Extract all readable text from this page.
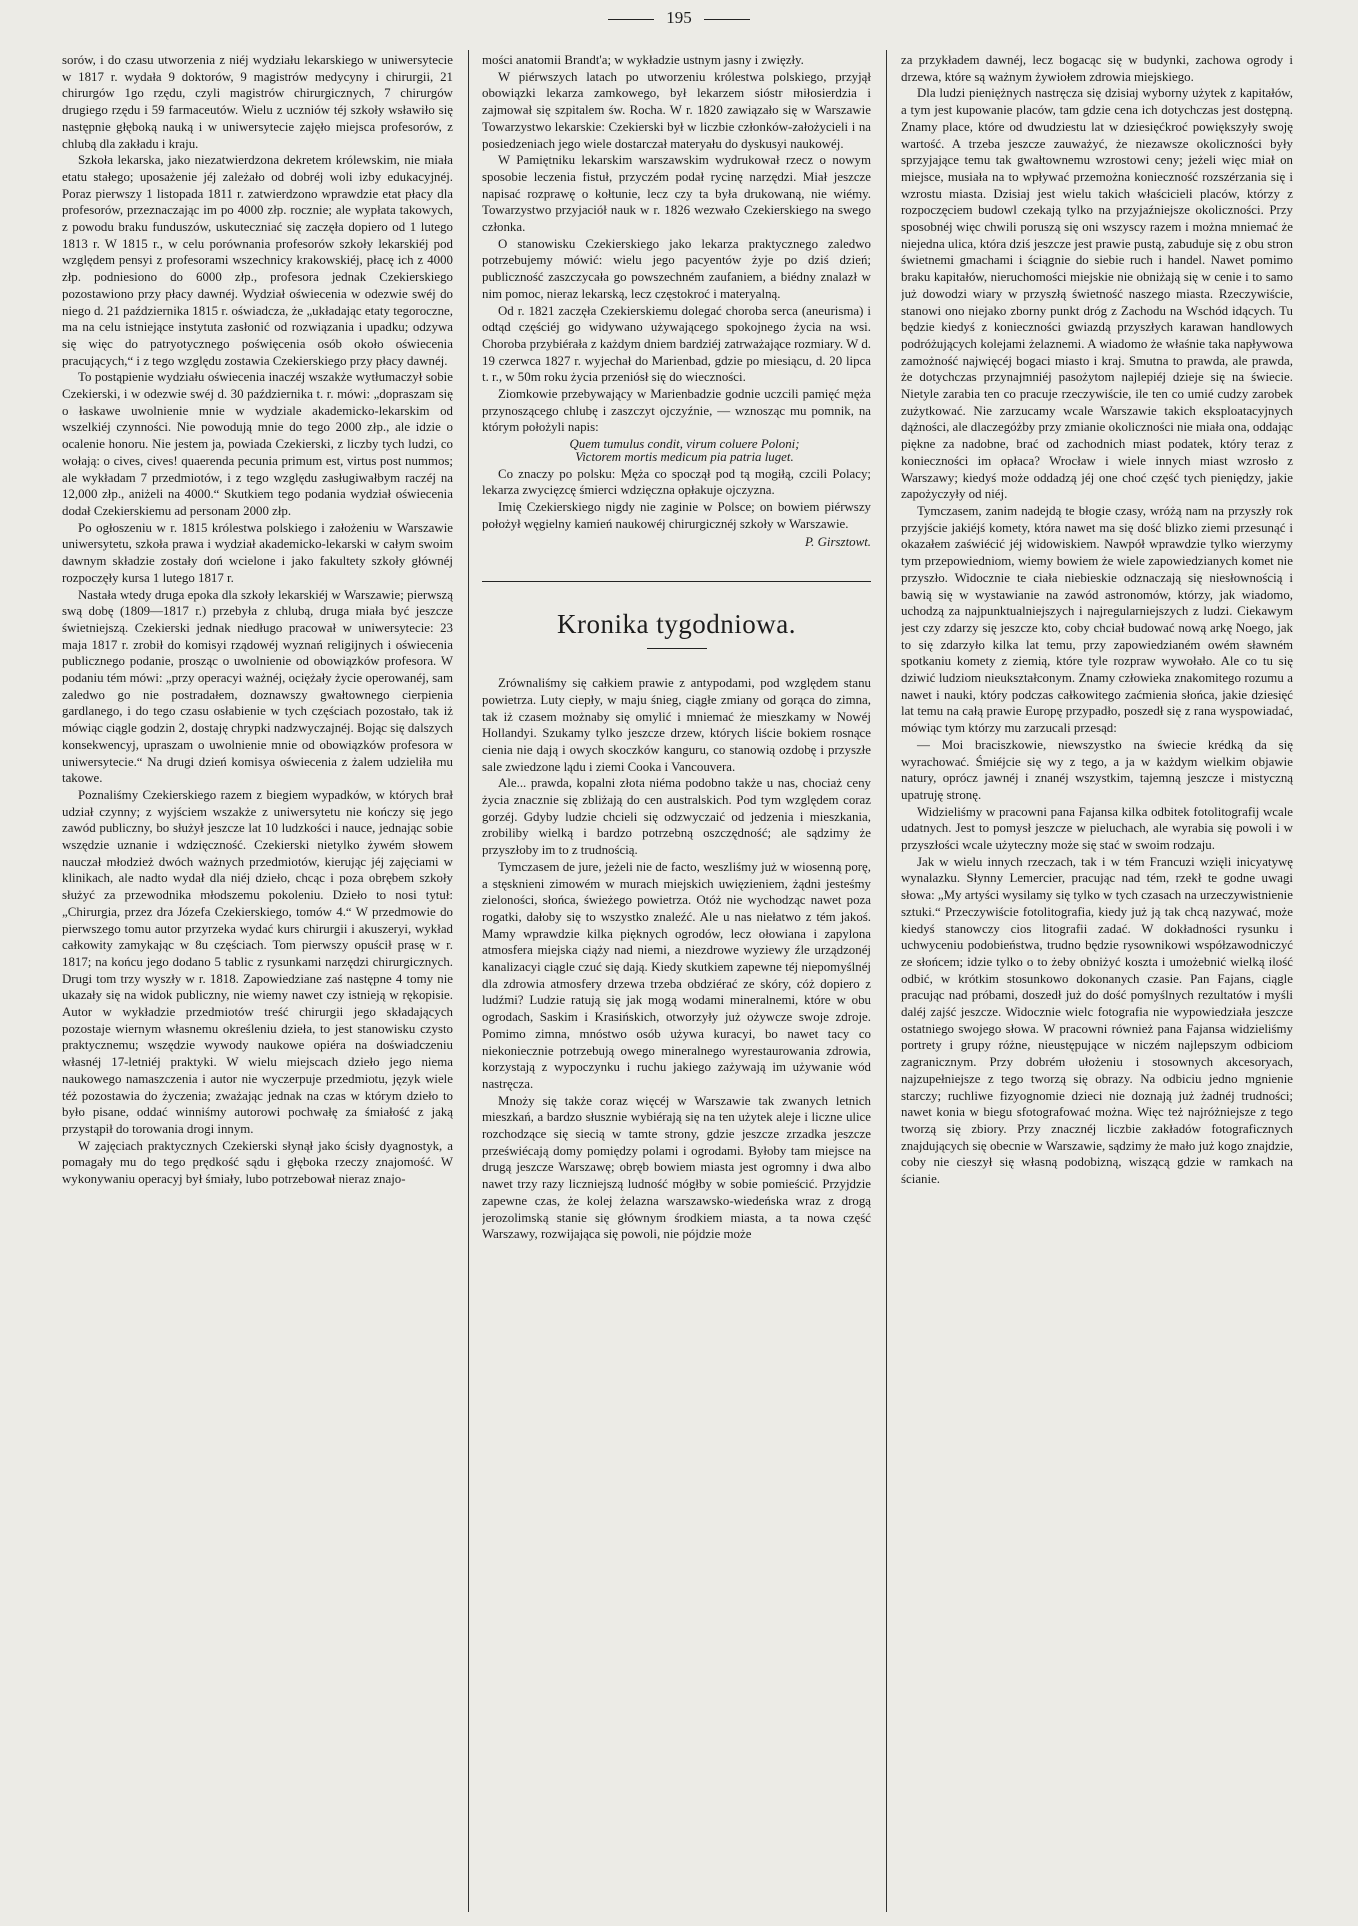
195

sorów, i do czasu utworzenia z niéj wydziału lekarskiego w uniwersytecie w 1817 r. wydała 9 doktorów, 9 magistrów medycyny i chirurgii, 21 chirurgów 1go rzędu, czyli magistrów chirurgicznych, 7 chirurgów drugiego rzędu i 59 farmaceutów. Wielu z uczniów téj szkoły wsławiło się następnie głęboką nauką i w uniwersytecie zajęło miejsca profesorów, z chlubą dla zakładu i kraju.

Szkoła lekarska, jako niezatwierdzona dekretem królewskim, nie miała etatu stałego; uposażenie jéj zależało od dobréj woli izby edukacyjnéj. Poraz pierwszy 1 listopada 1811 r. zatwierdzono wprawdzie etat płacy dla profesorów, przeznaczając im po 4000 złp. rocznie; ale wypłata takowych, z powodu braku funduszów, uskuteczniać się zaczęła dopiero od 1 lutego 1813 r. W 1815 r., w celu porównania profesorów szkoły lekarskiéj pod względem pensyi z profesorami wszechnicy krakowskiéj, płacę ich z 4000 złp. podniesiono do 6000 złp., profesora jednak Czekierskiego pozostawiono przy płacy dawnéj. Wydział oświecenia w odezwie swéj do niego d. 21 października 1815 r. oświadcza, że „układając etaty tegoroczne, ma na celu istniejące instytuta zasłonić od rozwiązania i upadku; odzywa się więc do patryotycznego poświęcenia osób około oświecenia pracujących,“ i z tego względu zostawia Czekierskiego przy płacy dawnéj.

To postąpienie wydziału oświecenia inaczéj wszakże wytłumaczył sobie Czekierski, i w odezwie swéj d. 30 października t. r. mówi: „dopraszam się o łaskawe uwolnienie mnie w wydziale akademicko-lekarskim od wszelkiéj czynności. Nie powodują mnie do tego 2000 złp., ale idzie o ocalenie honoru. Nie jestem ja, powiada Czekierski, z liczby tych ludzi, co wołają: o cives, cives! quaerenda pecunia primum est, virtus post nummos; ale wykładam 7 przedmiotów, i z tego względu zasługiwałbym raczéj na 12,000 złp., aniżeli na 4000.“ Skutkiem tego podania wydział oświecenia dodał Czekierskiemu ad personam 2000 złp.

Po ogłoszeniu w r. 1815 królestwa polskiego i założeniu w Warszawie uniwersytetu, szkoła prawa i wydział akademicko-lekarski w całym swoim dawnym składzie zostały doń wcielone i jako fakultety szkoły głównéj rozpoczęły kursa 1 lutego 1817 r.

Nastała wtedy druga epoka dla szkoły lekarskiéj w Warszawie; pierwszą swą dobę (1809—1817 r.) przebyła z chlubą, druga miała być jeszcze świetniejszą. Czekierski jednak niedługo pracował w uniwersytecie: 23 maja 1817 r. zrobił do komisyi rządowéj wyznań religijnych i oświecenia publicznego podanie, prosząc o uwolnienie od obowiązków profesora. W podaniu tém mówi: „przy operacyi ważnéj, ociężały życie operowanéj, sam zaledwo go nie postradałem, doznawszy gwałtownego cierpienia gardlanego, i do tego czasu osłabienie w tych częściach pozostało, tak iż mówiąc ciągle godzin 2, dostaję chrypki nadzwyczajnéj. Bojąc się dalszych konsekwencyj, upraszam o uwolnienie mnie od obowiązków profesora w uniwersytecie.“ Na drugi dzień komisya oświecenia z żalem udzieliła mu takowe.

Poznaliśmy Czekierskiego razem z biegiem wypadków, w których brał udział czynny; z wyjściem wszakże z uniwersytetu nie kończy się jego zawód publiczny, bo służył jeszcze lat 10 ludzkości i nauce, jednając sobie wszędzie uznanie i wdzięczność. Czekierski nietylko żywém słowem nauczał młodzież dwóch ważnych przedmiotów, kierując jéj zajęciami w klinikach, ale nadto wydał dla niéj dzieło, chcąc i poza obrębem szkoły służyć za przewodnika młodszemu pokoleniu. Dzieło to nosi tytuł: „Chirurgia, przez dra Józefa Czekierskiego, tomów 4.“ W przedmowie do pierwszego tomu autor przyrzeka wydać kurs chirurgii i akuszeryi, wykład całkowity zamykając w 8u częściach. Tom pierwszy opuścił prasę w r. 1817; na końcu jego dodano 5 tablic z rysunkami narzędzi chirurgicznych. Drugi tom trzy wyszły w r. 1818. Zapowiedziane zaś następne 4 tomy nie ukazały się na widok publiczny, nie wiemy nawet czy istnieją w rękopisie. Autor w wykładzie przedmiotów treść chirurgii jego składających pozostaje wiernym własnemu określeniu dzieła, to jest stanowisku czysto praktycznemu; wszędzie wywody naukowe opiéra na doświadczeniu własnéj 17-letniéj praktyki. W wielu miejscach dzieło jego niema naukowego namaszczenia i autor nie wyczerpuje przedmiotu, język wiele téż pozostawia do życzenia; zważając jednak na czas w którym dzieło to było pisane, oddać winniśmy autorowi pochwałę za śmiałość z jaką przystąpił do torowania drogi innym.

W zajęciach praktycznych Czekierski słynął jako ścisły dyagnostyk, a pomagały mu do tego prędkość sądu i głęboka rzeczy znajomość. W wykonywaniu operacyj był śmiały, lubo potrzebował nieraz znajo-

mości anatomii Brandt'a; w wykładzie ustnym jasny i zwięzły.

W piérwszych latach po utworzeniu królestwa polskiego, przyjął obowiązki lekarza zamkowego, był lekarzem sióstr miłosierdzia i zajmował się szpitalem św. Rocha. W r. 1820 zawiązało się w Warszawie Towarzystwo lekarskie: Czekierski był w liczbie członków-założycieli i na posiedzeniach jego wiele dostarczał materyału do dyskusyi naukowéj.

W Pamiętniku lekarskim warszawskim wydrukował rzecz o nowym sposobie leczenia fistuł, przyczém podał rycinę narzędzi. Miał jeszcze napisać rozprawę o kołtunie, lecz czy ta była drukowaną, nie wiémy. Towarzystwo przyjaciół nauk w r. 1826 wezwało Czekierskiego na swego członka.

O stanowisku Czekierskiego jako lekarza praktycznego zaledwo potrzebujemy mówić: wielu jego pacyentów żyje po dziś dzień; publiczność zaszczycała go powszechném zaufaniem, a biédny znalazł w nim pomoc, nieraz lekarską, lecz częstokroć i materyalną.

Od r. 1821 zaczęła Czekierskiemu dolegać choroba serca (aneurisma) i odtąd częściéj go widywano używającego spokojnego życia na wsi. Choroba przybiérała z każdym dniem bardziéj zatrważające rozmiary. W d. 19 czerwca 1827 r. wyjechał do Marienbad, gdzie po miesiącu, d. 20 lipca t. r., w 50m roku życia przeniósł się do wieczności.

Ziomkowie przebywający w Marienbadzie godnie uczcili pamięć męża przynoszącego chlubę i zaszczyt ojczyźnie, — wznosząc mu pomnik, na którym położyli napis:

Quem tumulus condit, virum coluere Poloni;

Victorem mortis medicum pia patria luget.

Co znaczy po polsku: Męża co spoczął pod tą mogiłą, czcili Polacy; lekarza zwycięzcę śmierci wdzięczna opłakuje ojczyzna.

Imię Czekierskiego nigdy nie zaginie w Polsce; on bowiem piérwszy położył węgielny kamień naukowéj chirurgicznéj szkoły w Warszawie.

P. Girsztowt.
Kronika tygodniowa.

Zrównaliśmy się całkiem prawie z antypodami, pod względem stanu powietrza. Luty ciepły, w maju śnieg, ciągłe zmiany od gorąca do zimna, tak iż czasem możnaby się omylić i mniemać że mieszkamy w Nowéj Hollandyi. Szukamy tylko jeszcze drzew, których liście bokiem rosnące cienia nie dają i owych skoczków kanguru, co stanowią ozdobę i przyszłe sale zwiedzone lądu i ziemi Cooka i Vancouvera.

Ale... prawda, kopalni złota niéma podobno także u nas, chociaż ceny życia znacznie się zbliżają do cen australskich. Pod tym względem coraz gorzéj. Gdyby ludzie chcieli się odzwyczaić od jedzenia i mieszkania, zrobiliby wielką i bardzo potrzebną oszczędność; ale sądzimy że przyszłoby im to z trudnością.

Tymczasem de jure, jeżeli nie de facto, weszliśmy już w wiosenną porę, a stęsknieni zimowém w murach miejskich uwięzieniem, żądni jesteśmy zieloności, słońca, świeżego powietrza. Otóż nie wychodząc nawet poza rogatki, dałoby się to wszystko znaleźć. Ale u nas niełatwo z tém jakoś. Mamy wprawdzie kilka pięknych ogrodów, lecz ołowiana i zapylona atmosfera miejska ciąży nad niemi, a niezdrowe wyziewy źle urządzonéj kanalizacyi ciągle czuć się dają. Kiedy skutkiem zapewne téj niepomyślnéj dla zdrowia atmosfery drzewa trzeba obdziérać ze skóry, cóż dopiero z ludźmi? Ludzie ratują się jak mogą wodami mineralnemi, które w obu ogrodach, Saskim i Krasińskich, otworzyły już ożywcze swoje zdroje. Pomimo zimna, mnóstwo osób używa kuracyi, bo nawet tacy co niekoniecznie potrzebują owego mineralnego wyrestaurowania zdrowia, korzystają z wypoczynku i ruchu jakiego zażywają im używanie wód nastręcza.

Mnoży się także coraz więcéj w Warszawie tak zwanych letnich mieszkań, a bardzo słusznie wybiérają się na ten użytek aleje i liczne ulice rozchodzące się siecią w tamte strony, gdzie jeszcze zrzadka jeszcze przeświécają domy pomiędzy polami i ogrodami. Byłoby tam miejsce na drugą jeszcze Warszawę; obręb bowiem miasta jest ogromny i dwa albo nawet trzy razy liczniejszą ludność mógłby w sobie pomieścić. Przyjdzie zapewne czas, że kolej żelazna warszawsko-wiedeńska wraz z drogą jerozolimską stanie się głównym środkiem miasta, a ta nowa część Warszawy, rozwijająca się powoli, nie pójdzie może

za przykładem dawnéj, lecz bogacąc się w budynki, zachowa ogrody i drzewa, które są ważnym żywiołem zdrowia miejskiego.

Dla ludzi pieniężnych nastręcza się dzisiaj wyborny użytek z kapitałów, a tym jest kupowanie placów, tam gdzie cena ich dotychczas jest dostępną. Znamy place, które od dwudziestu lat w dziesięćkroć powiększyły swoję wartość. A trzeba jeszcze zauważyć, że niezawsze okoliczności były sprzyjające temu tak gwałtownemu wzrostowi ceny; jeżeli więc miał on miejsce, musiała na to wpływać przemożna konieczność rozszérzania się i wzrostu miasta. Dzisiaj jest wielu takich właścicieli placów, którzy z rozpoczęciem budowl czekają tylko na przyjaźniejsze okoliczności. Przy sposobnéj więc chwili poruszą się oni wszyscy razem i można mniemać że niejedna ulica, która dziś jeszcze jest prawie pustą, zabuduje się z obu stron świetnemi gmachami i ściągnie do siebie ruch i handel. Nawet pomimo braku kapitałów, nieruchomości miejskie nie obniżają się w cenie i to samo już dowodzi wiary w przyszłą świetność naszego miasta. Rzeczywiście, stanowi ono niejako zborny punkt dróg z Zachodu na Wschód idących. Tu będzie kiedyś z konieczności gwiazdą przyszłych karawan handlowych podróżujących kolejami żelaznemi. A wiadomo że właśnie taka napływowa zamożność najwięcéj bogaci miasto i kraj. Smutna to prawda, ale prawda, że dotychczas przynajmniéj pasożytom najlepiéj dzieje się na świecie. Nietyle zarabia ten co pracuje rzeczywiście, ile ten co umié cudzy zarobek zużytkować. Nie zarzucamy wcale Warszawie takich eksploatacyjnych dążności, ale dlaczegóżby przy zmianie okoliczności nie miała ona, oddając piękne za nadobne, brać od zachodnich miast podatek, który teraz z konieczności im opłaca? Wrocław i wiele innych miast wzrosło z Warszawy; kiedyś może oddadzą jéj one choć część tych pieniędzy, jakie zapożyczyły od niéj.

Tymczasem, zanim nadejdą te błogie czasy, wróżą nam na przyszły rok przyjście jakiéjś komety, która nawet ma się dość blizko ziemi przesunąć i okazałem zaświécić jéj widowiskiem. Nawpół wprawdzie tylko wierzymy tym przepowiedniom, wiemy bowiem że wiele zapowiedzianych komet nie przyszło. Widocznie te ciała niebieskie odznaczają się niesłownością i bawią się w wystawianie na zawód astronomów, którzy, jak wiadomo, uchodzą za najpunktualniejszych i najregularniejszych z ludzi. Ciekawym jest czy zdarzy się jeszcze kto, coby chciał budować nową arkę Noego, jak to się zdarzyło kilka lat temu, przy zapowiedzianém owém sławném spotkaniu komety z ziemią, które tyle rozpraw wywołało. Ale co tu się dziwić ludziom nieukształconym. Znamy człowieka znakomitego rozumu a nawet i nauki, który podczas całkowitego zaćmienia słońca, jakie dziesięć lat temu na całą prawie Europę przypadło, poszedł się z rana wyspowiadać, mówiąc tym którzy mu zarzucali przesąd:

— Moi braciszkowie, niewszystko na świecie krédką da się wyrachować. Śmiéjcie się wy z tego, a ja w każdym wielkim objawie natury, oprócz jawnéj i znanéj wszystkim, tajemną jeszcze i mistyczną upatruję stronę.

Widzieliśmy w pracowni pana Fajansa kilka odbitek fotolitografij wcale udatnych. Jest to pomysł jeszcze w pieluchach, ale wyrabia się powoli i w przyszłości wcale użyteczny może się stać w swoim rodzaju.

Jak w wielu innych rzeczach, tak i w tém Francuzi wzięli inicyatywę wynalazku. Słynny Lemercier, pracując nad tém, rzekł te godne uwagi słowa: „My artyści wysilamy się tylko w tych czasach na urzeczywistnienie sztuki.“ Przeczywiście fotolitografia, kiedy już ją tak chcą nazywać, może kiedyś stanowczy cios litografii zadać. W dokładności rysunku i uchwyceniu podobieństwa, trudno będzie rysownikowi współzawodniczyć ze słońcem; idzie tylko o to żeby obniżyć koszta i umożebnić wielką ilość odbić, w krótkim stosunkowo dokonanych czasie. Pan Fajans, ciągle pracując nad próbami, doszedł już do dość pomyślnych rezultatów i myśli daléj zajść jeszcze. Widocznie wielc fotografia nie wypowiedziała jeszcze ostatniego swojego słowa. W pracowni również pana Fajansa widzieliśmy portrety i grupy różne, nieustępujące w niczém najlepszym odbiciom zagranicznym. Przy dobrém ułożeniu i stosownych akcesoryach, najzupełniejsze z tego tworzą się obrazy. Na odbiciu jedno mgnienie starczy; ruchliwe fizyognomie dzieci nie doznają już żadnéj trudności; nawet konia w biegu sfotografować można. Więc też najróżniejsze z tego tworzą się zbiory. Przy znacznéj liczbie zakładów fotograficznych znajdujących się obecnie w Warszawie, sądzimy że mało już kogo znajdzie, coby nie cieszył się własną podobizną, wiszącą gdzie w ramkach na ścianie.
